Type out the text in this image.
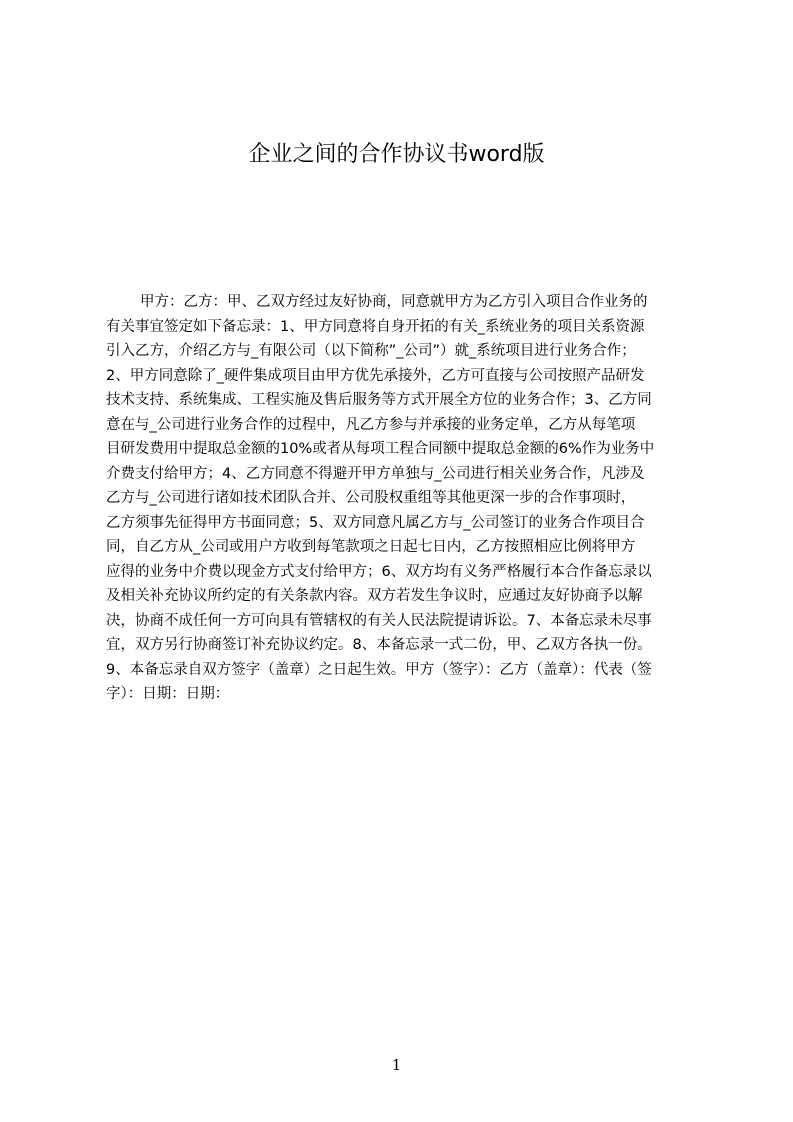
企业之间的合作协议书word版
甲方：乙方：甲、乙双方经过友好协商，同意就甲方为乙方引入项目合作业务的
有关事宜签定如下备忘录：1、甲方同意将自身开拓的有关_系统业务的项目关系资源
引入乙方，介绍乙方与_有限公司（以下简称”_公司”）就_系统项目进行业务合作；
2、甲方同意除了_硬件集成项目由甲方优先承接外，乙方可直接与公司按照产品研发
技术支持、系统集成、工程实施及售后服务等方式开展全方位的业务合作；3、乙方同
意在与_公司进行业务合作的过程中，凡乙方参与并承接的业务定单，乙方从每笔项
目研发费用中提取总金额的10%或者从每项工程合同额中提取总金额的6%作为业务中
介费支付给甲方；4、乙方同意不得避开甲方单独与_公司进行相关业务合作，凡涉及
乙方与_公司进行诸如技术团队合并、公司股权重组等其他更深一步的合作事项时，
乙方须事先征得甲方书面同意；5、双方同意凡属乙方与_公司签订的业务合作项目合
同，自乙方从_公司或用户方收到每笔款项之日起七日内，乙方按照相应比例将甲方
应得的业务中介费以现金方式支付给甲方；6、双方均有义务严格履行本合作备忘录以
及相关补充协议所约定的有关条款内容。双方若发生争议时，应通过友好协商予以解
决，协商不成任何一方可向具有管辖权的有关人民法院提请诉讼。7、本备忘录未尽事
宜，双方另行协商签订补充协议约定。8、本备忘录一式二份，甲、乙双方各执一份。
9、本备忘录自双方签字（盖章）之日起生效。甲方（签字）：乙方（盖章）：代表（签
字）：日期：日期：
1
